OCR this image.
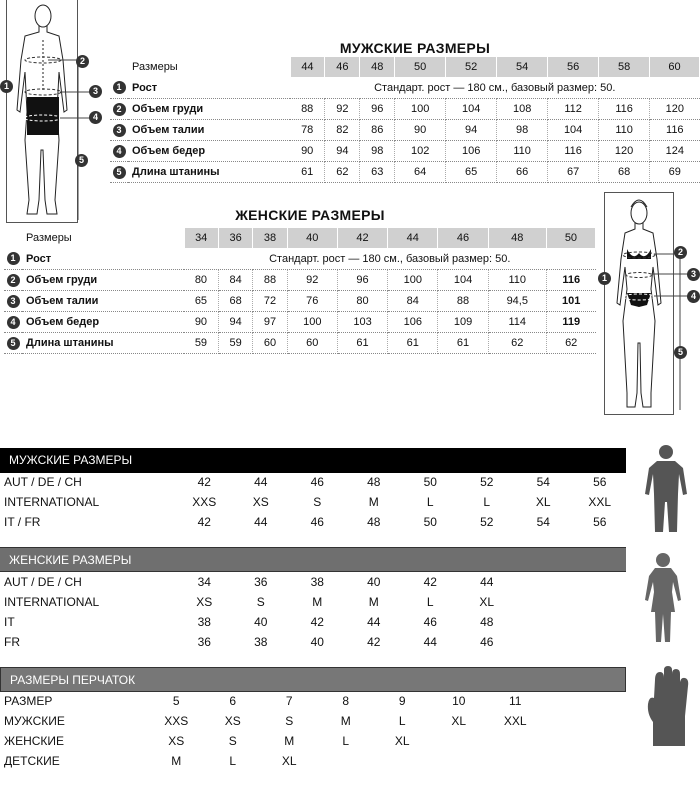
1
2
3
4
5
МУЖСКИЕ РАЗМЕРЫ
	Размеры	44	46	48	50	52	54	56	58	60
1	Рост	Стандарт. рост — 180 см., базовый размер: 50.								
2	Объем груди	88	92	96	100	104	108	112	116	120
3	Объем талии	78	82	86	90	94	98	104	110	116
4	Объем бедер	90	94	98	102	106	110	116	120	124
5	Длина штанины	61	62	63	64	65	66	67	68	69
ЖЕНСКИЕ РАЗМЕРЫ
	Размеры	34	36	38	40	42	44	46	48	50
1	Рост	Стандарт. рост — 180 см., базовый размер: 50.								
2	Объем груди	80	84	88	92	96	100	104	110	116
3	Объем талии	65	68	72	76	80	84	88	94,5	101
4	Объем бедер	90	94	97	100	103	106	109	114	119
5	Длина штанины	59	59	60	60	61	61	61	62	62
1
2
3
4
5
МУЖСКИЕ РАЗМЕРЫ
AUT / DE / CH	42	44	46	48	50	52	54	56
INTERNATIONAL	XXS	XS	S	M	L	L	XL	XXL
IT / FR	42	44	46	48	50	52	54	56
ЖЕНСКИЕ РАЗМЕРЫ
AUT / DE / CH	34	36	38	40	42	44
INTERNATIONAL	XS	S	M	M	L	XL
IT	38	40	42	44	46	48
FR	36	38	40	42	44	46
РАЗМЕРЫ ПЕРЧАТОК
РАЗМЕР	5	6	7	8	9	10	11
МУЖСКИЕ	XXS	XS	S	M	L	XL	XXL
ЖЕНСКИЕ	XS	S	M	L	XL		
ДЕТСКИЕ	M	L	XL				
